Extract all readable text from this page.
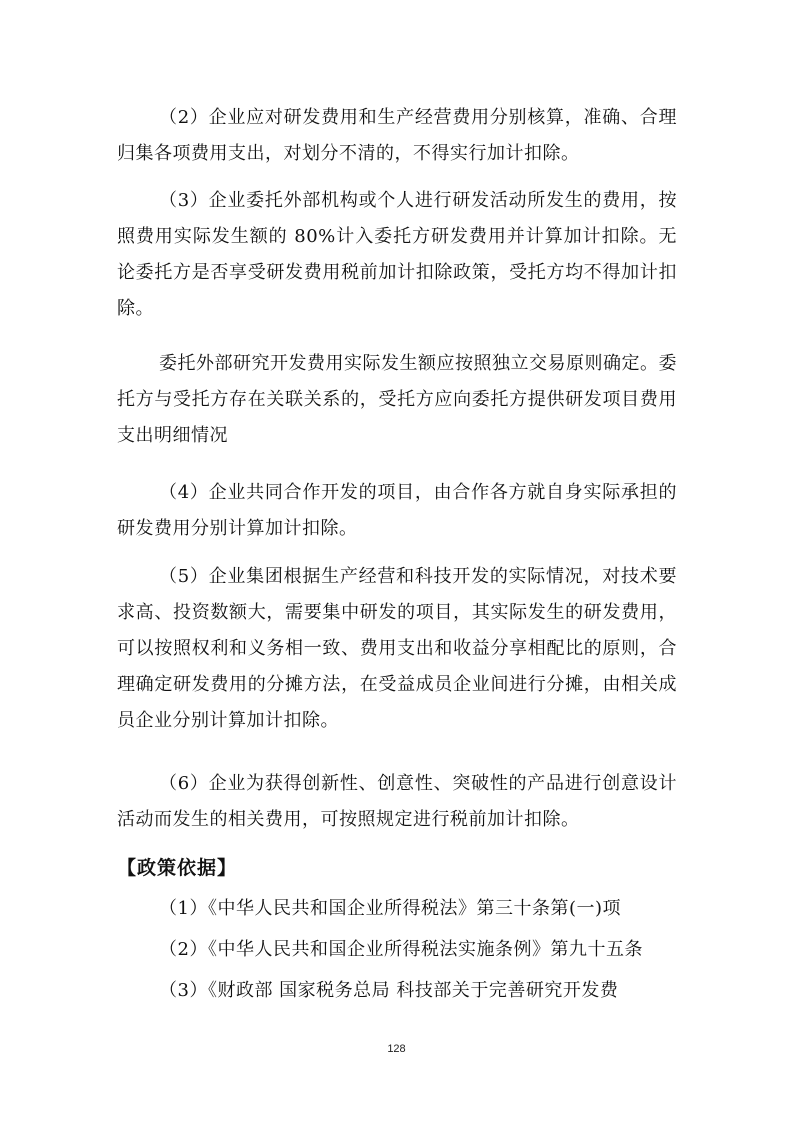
（2）企业应对研发费用和生产经营费用分别核算，准确、合理归集各项费用支出，对划分不清的，不得实行加计扣除。

（3）企业委托外部机构或个人进行研发活动所发生的费用，按照费用实际发生额的 80%计入委托方研发费用并计算加计扣除。无论委托方是否享受研发费用税前加计扣除政策，受托方均不得加计扣除。

委托外部研究开发费用实际发生额应按照独立交易原则确定。委托方与受托方存在关联关系的，受托方应向委托方提供研发项目费用支出明细情况

（4）企业共同合作开发的项目，由合作各方就自身实际承担的研发费用分别计算加计扣除。

（5）企业集团根据生产经营和科技开发的实际情况，对技术要求高、投资数额大，需要集中研发的项目，其实际发生的研发费用，可以按照权利和义务相一致、费用支出和收益分享相配比的原则，合理确定研发费用的分摊方法，在受益成员企业间进行分摊，由相关成员企业分别计算加计扣除。

（6）企业为获得创新性、创意性、突破性的产品进行创意设计活动而发生的相关费用，可按照规定进行税前加计扣除。

【政策依据】

（1）《中华人民共和国企业所得税法》第三十条第(一)项

（2）《中华人民共和国企业所得税法实施条例》第九十五条

（3）《财政部 国家税务总局 科技部关于完善研究开发费

128
